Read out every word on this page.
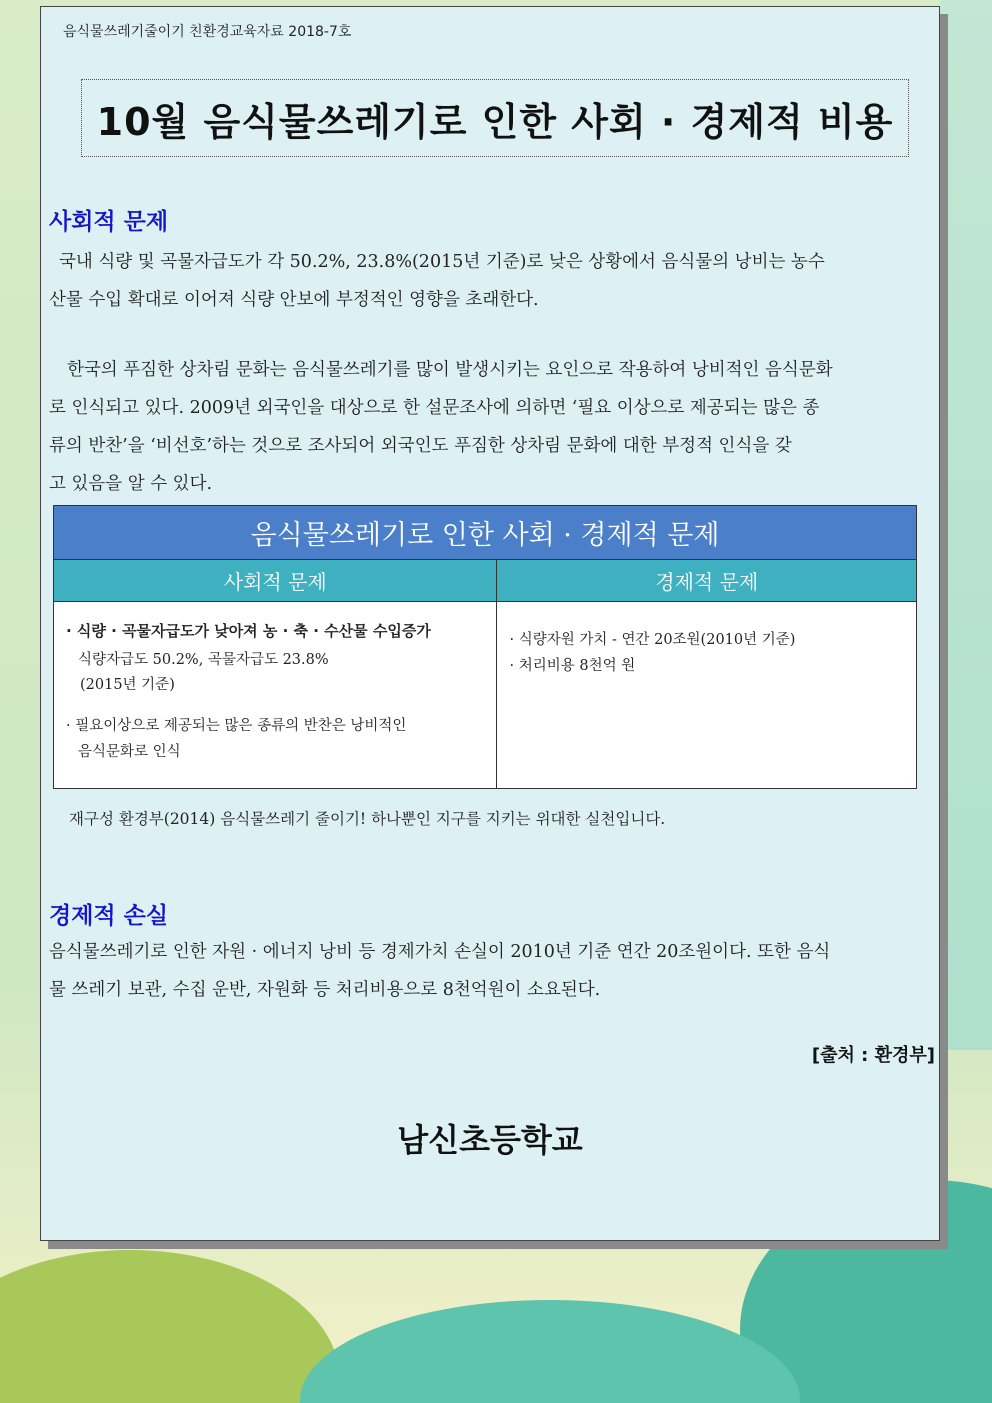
음식물쓰레기줄이기 친환경교육자료 2018-7호
10월 음식물쓰레기로 인한 사회 · 경제적 비용
사회적 문제
국내 식량 및 곡물자급도가 각 50.2%, 23.8%(2015년 기준)로 낮은 상황에서 음식물의 낭비는 농수
산물 수입 확대로 이어져 식량 안보에 부정적인 영향을 초래한다.
한국의 푸짐한 상차림 문화는 음식물쓰레기를 많이 발생시키는 요인으로 작용하여 낭비적인 음식문화
로 인식되고 있다. 2009년 외국인을 대상으로 한 설문조사에 의하면 ‘필요 이상으로 제공되는 많은 종
류의 반찬’을 ‘비선호’하는 것으로 조사되어 외국인도 푸짐한 상차림 문화에 대한 부정적 인식을 갖
고 있음을 알 수 있다.
음식물쓰레기로 인한 사회 · 경제적 문제
사회적 문제	경제적 문제
· 식량 · 곡물자급도가 낮아져 농 · 축 · 수산물 수입증가
식량자급도 50.2%, 곡물자급도 23.8%
(2015년 기준)
· 필요이상으로 제공되는 많은 종류의 반찬은 낭비적인
음식문화로 인식
· 식량자원 가치 - 연간 20조원(2010년 기준)
· 처리비용 8천억 원
재구성 환경부(2014) 음식물쓰레기 줄이기! 하나뿐인 지구를 지키는 위대한 실천입니다.
경제적 손실
음식물쓰레기로 인한 자원 · 에너지 낭비 등 경제가치 손실이 2010년 기준 연간 20조원이다. 또한 음식
물 쓰레기 보관, 수집 운반, 자원화 등 처리비용으로 8천억원이 소요된다.
[출처 : 환경부]
남신초등학교
